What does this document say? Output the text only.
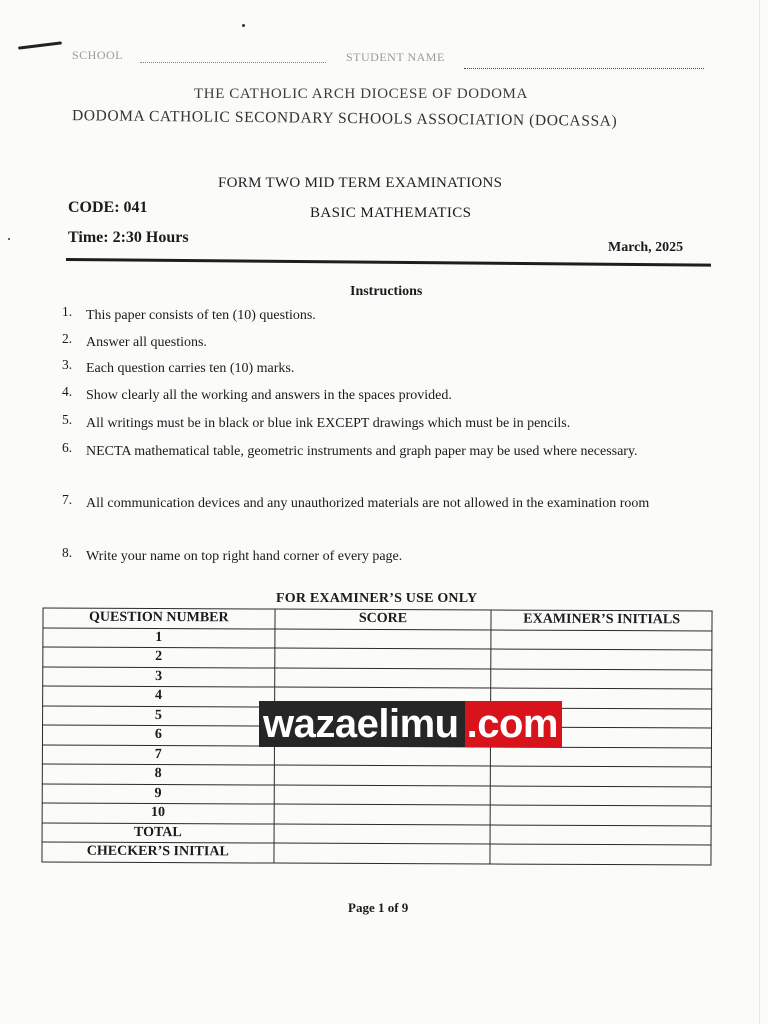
SCHOOL	STUDENT NAME
THE CATHOLIC ARCH DIOCESE OF DODOMA
DODOMA CATHOLIC SECONDARY SCHOOLS ASSOCIATION (DOCASSA)
FORM TWO MID TERM EXAMINATIONS
CODE: 041	BASIC MATHEMATICS
Time: 2:30 Hours
March, 2025
Instructions
1. This paper consists of ten (10) questions.
2. Answer all questions.
3. Each question carries ten (10) marks.
4. Show clearly all the working and answers in the spaces provided.
5. All writings must be in black or blue ink EXCEPT drawings which must be in pencils.
6. NECTA mathematical table, geometric instruments and graph paper may be used where necessary.
7. All communication devices and any unauthorized materials are not allowed in the examination room
8. Write your name on top right hand corner of every page.
FOR EXAMINER’S USE ONLY
QUESTION NUMBER	SCORE	EXAMINER’S INITIALS
1		
2		
3		
4		
5		
6		
7		
8		
9		
10		
TOTAL		
CHECKER’S INITIAL		
wazaelimu .com
Page 1 of 9
